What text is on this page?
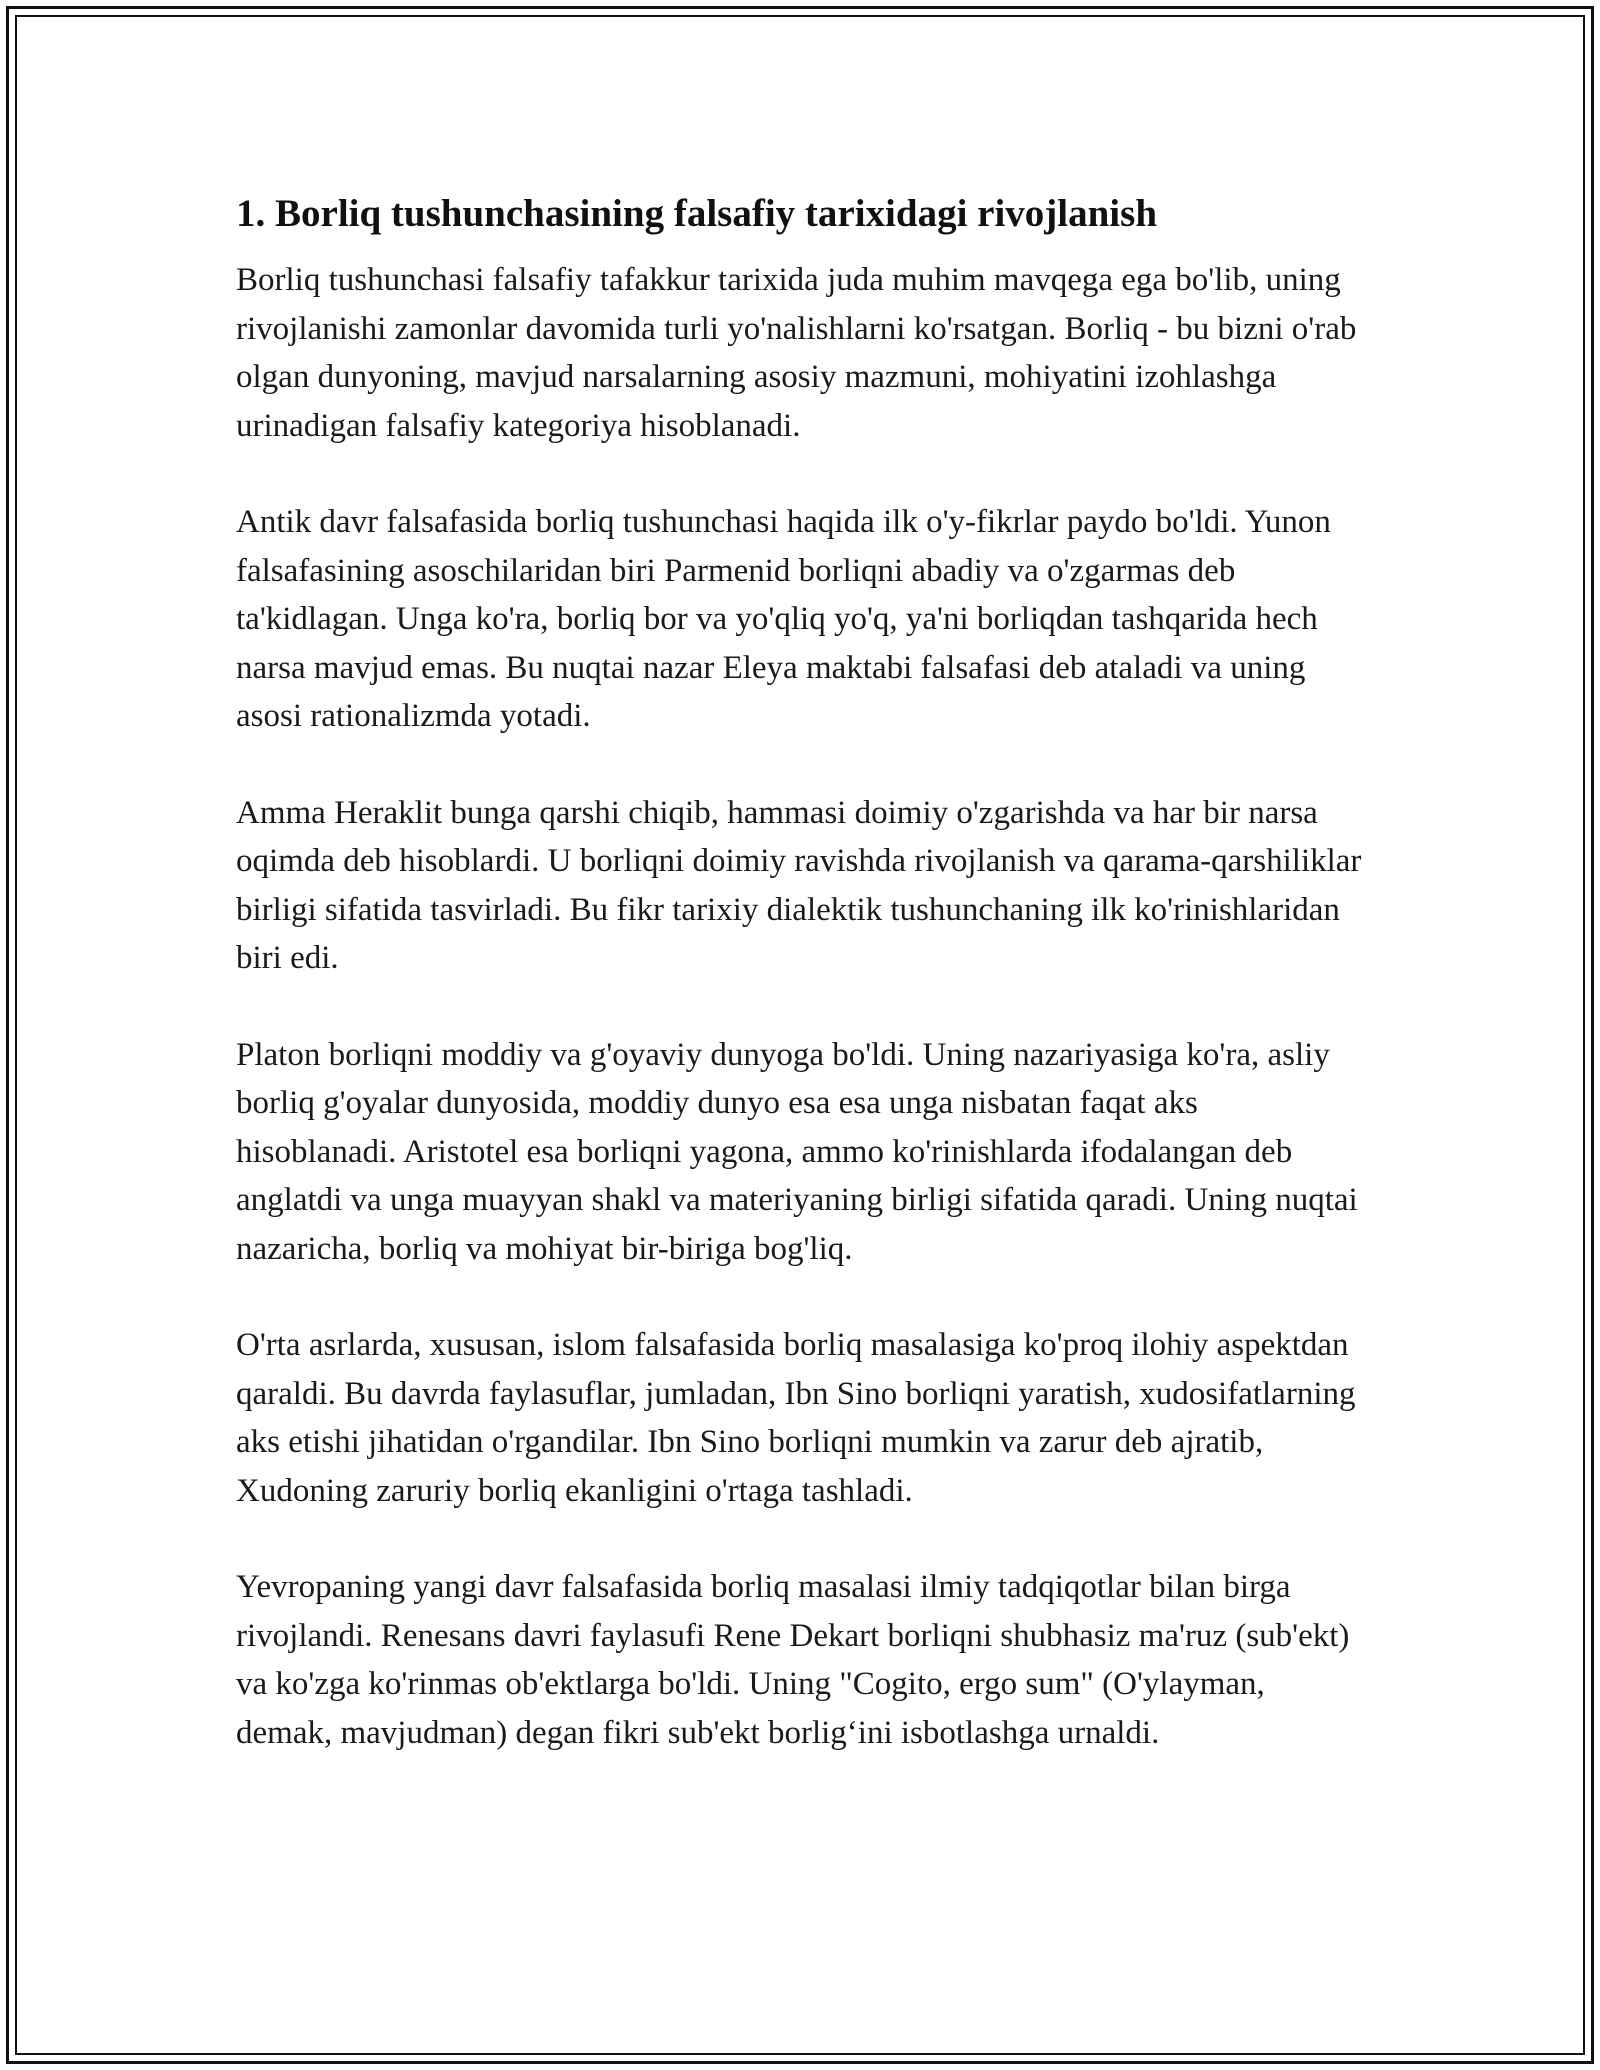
1. Borliq tushunchasining falsafiy tarixidagi rivojlanish

Borliq tushunchasi falsafiy tafakkur tarixida juda muhim mavqega ega bo'lib, uning rivojlanishi zamonlar davomida turli yo'nalishlarni ko'rsatgan. Borliq - bu bizni o'rab olgan dunyoning, mavjud narsalarning asosiy mazmuni, mohiyatini izohlashga urinadigan falsafiy kategoriya hisoblanadi.

Antik davr falsafasida borliq tushunchasi haqida ilk o'y-fikrlar paydo bo'ldi. Yunon falsafasining asoschilaridan biri Parmenid borliqni abadiy va o'zgarmas deb ta'kidlagan. Unga ko'ra, borliq bor va yo'qliq yo'q, ya'ni borliqdan tashqarida hech narsa mavjud emas. Bu nuqtai nazar Eleya maktabi falsafasi deb ataladi va uning asosi rationalizmda yotadi.

Amma Heraklit bunga qarshi chiqib, hammasi doimiy o'zgarishda va har bir narsa oqimda deb hisoblardi. U borliqni doimiy ravishda rivojlanish va qarama-qarshiliklar birligi sifatida tasvirladi. Bu fikr tarixiy dialektik tushunchaning ilk ko'rinishlaridan biri edi.

Platon borliqni moddiy va g'oyaviy dunyoga bo'ldi. Uning nazariyasiga ko'ra, asliy borliq g'oyalar dunyosida, moddiy dunyo esa esa unga nisbatan faqat aks hisoblanadi. Aristotel esa borliqni yagona, ammo ko'rinishlarda ifodalangan deb anglatdi va unga muayyan shakl va materiyaning birligi sifatida qaradi. Uning nuqtai nazaricha, borliq va mohiyat bir-biriga bog'liq.

O'rta asrlarda, xususan, islom falsafasida borliq masalasiga ko'proq ilohiy aspektdan qaraldi. Bu davrda faylasuflar, jumladan, Ibn Sino borliqni yaratish, xudosifatlarning aks etishi jihatidan o'rgandilar. Ibn Sino borliqni mumkin va zarur deb ajratib, Xudoning zaruriy borliq ekanligini o'rtaga tashladi.

Yevropaning yangi davr falsafasida borliq masalasi ilmiy tadqiqotlar bilan birga rivojlandi. Renesans davri faylasufi Rene Dekart borliqni shubhasiz ma'ruz (sub'ekt) va ko'zga ko'rinmas ob'ektlarga bo'ldi. Uning "Cogito, ergo sum" (O'ylayman, demak, mavjudman) degan fikri sub'ekt borlig‘ini isbotlashga urnaldi.
